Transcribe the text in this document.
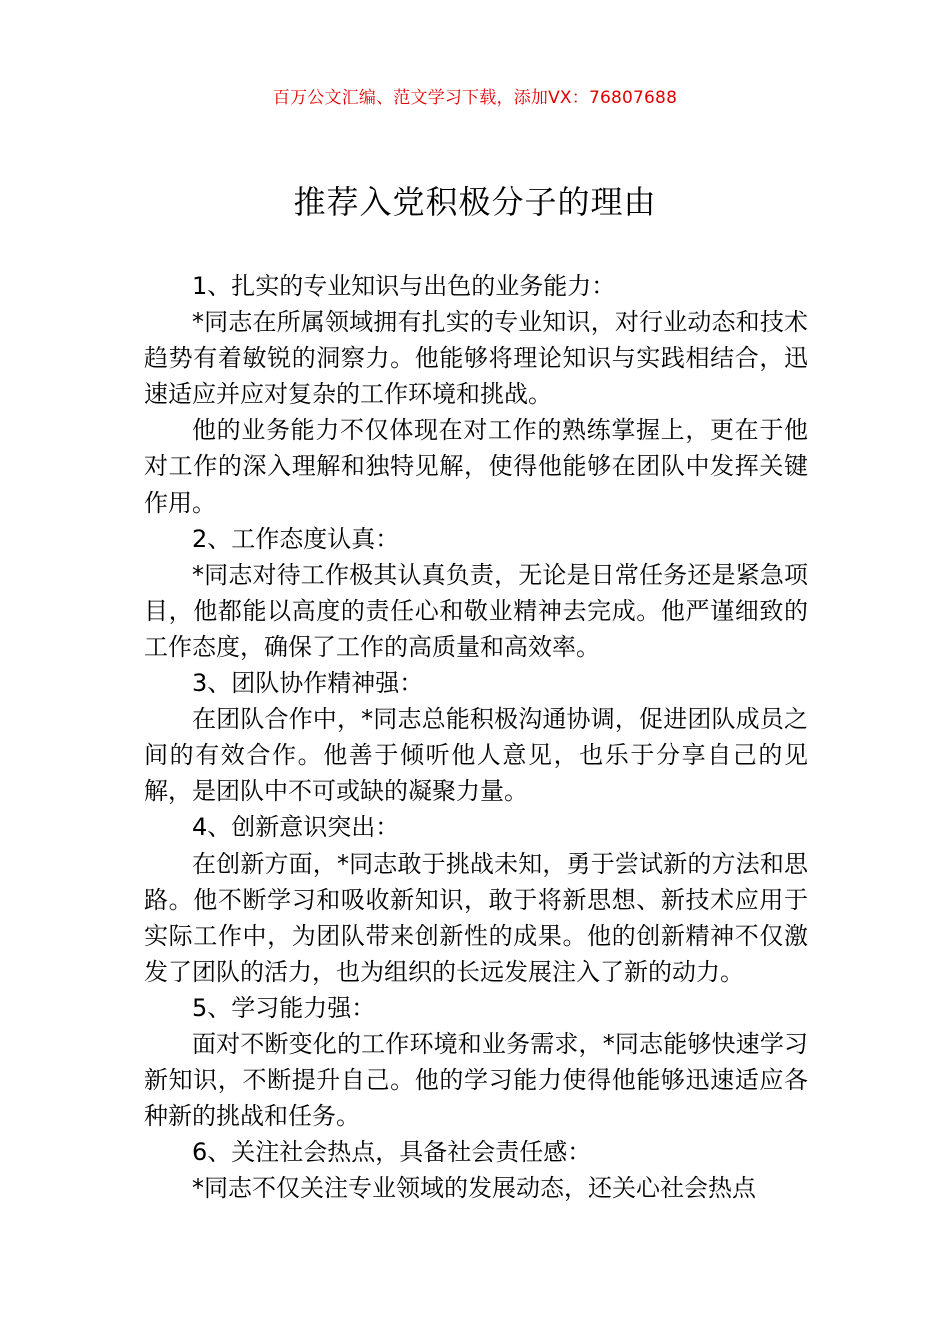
百万公文汇编、范文学习下载，添加VX：76807688
推荐入党积极分子的理由

1、扎实的专业知识与出色的业务能力：

*同志在所属领域拥有扎实的专业知识，对行业动态和技术趋势有着敏锐的洞察力。他能够将理论知识与实践相结合，迅速适应并应对复杂的工作环境和挑战。

他的业务能力不仅体现在对工作的熟练掌握上，更在于他对工作的深入理解和独特见解，使得他能够在团队中发挥关键作用。

2、工作态度认真：

*同志对待工作极其认真负责，无论是日常任务还是紧急项目，他都能以高度的责任心和敬业精神去完成。他严谨细致的工作态度，确保了工作的高质量和高效率。

3、团队协作精神强：

在团队合作中，*同志总能积极沟通协调，促进团队成员之间的有效合作。他善于倾听他人意见，也乐于分享自己的见解，是团队中不可或缺的凝聚力量。

4、创新意识突出：

在创新方面，*同志敢于挑战未知，勇于尝试新的方法和思路。他不断学习和吸收新知识，敢于将新思想、新技术应用于实际工作中，为团队带来创新性的成果。他的创新精神不仅激发了团队的活力，也为组织的长远发展注入了新的动力。

5、学习能力强：

面对不断变化的工作环境和业务需求，*同志能够快速学习新知识，不断提升自己。他的学习能力使得他能够迅速适应各种新的挑战和任务。

6、关注社会热点，具备社会责任感：

*同志不仅关注专业领域的发展动态，还关心社会热点
